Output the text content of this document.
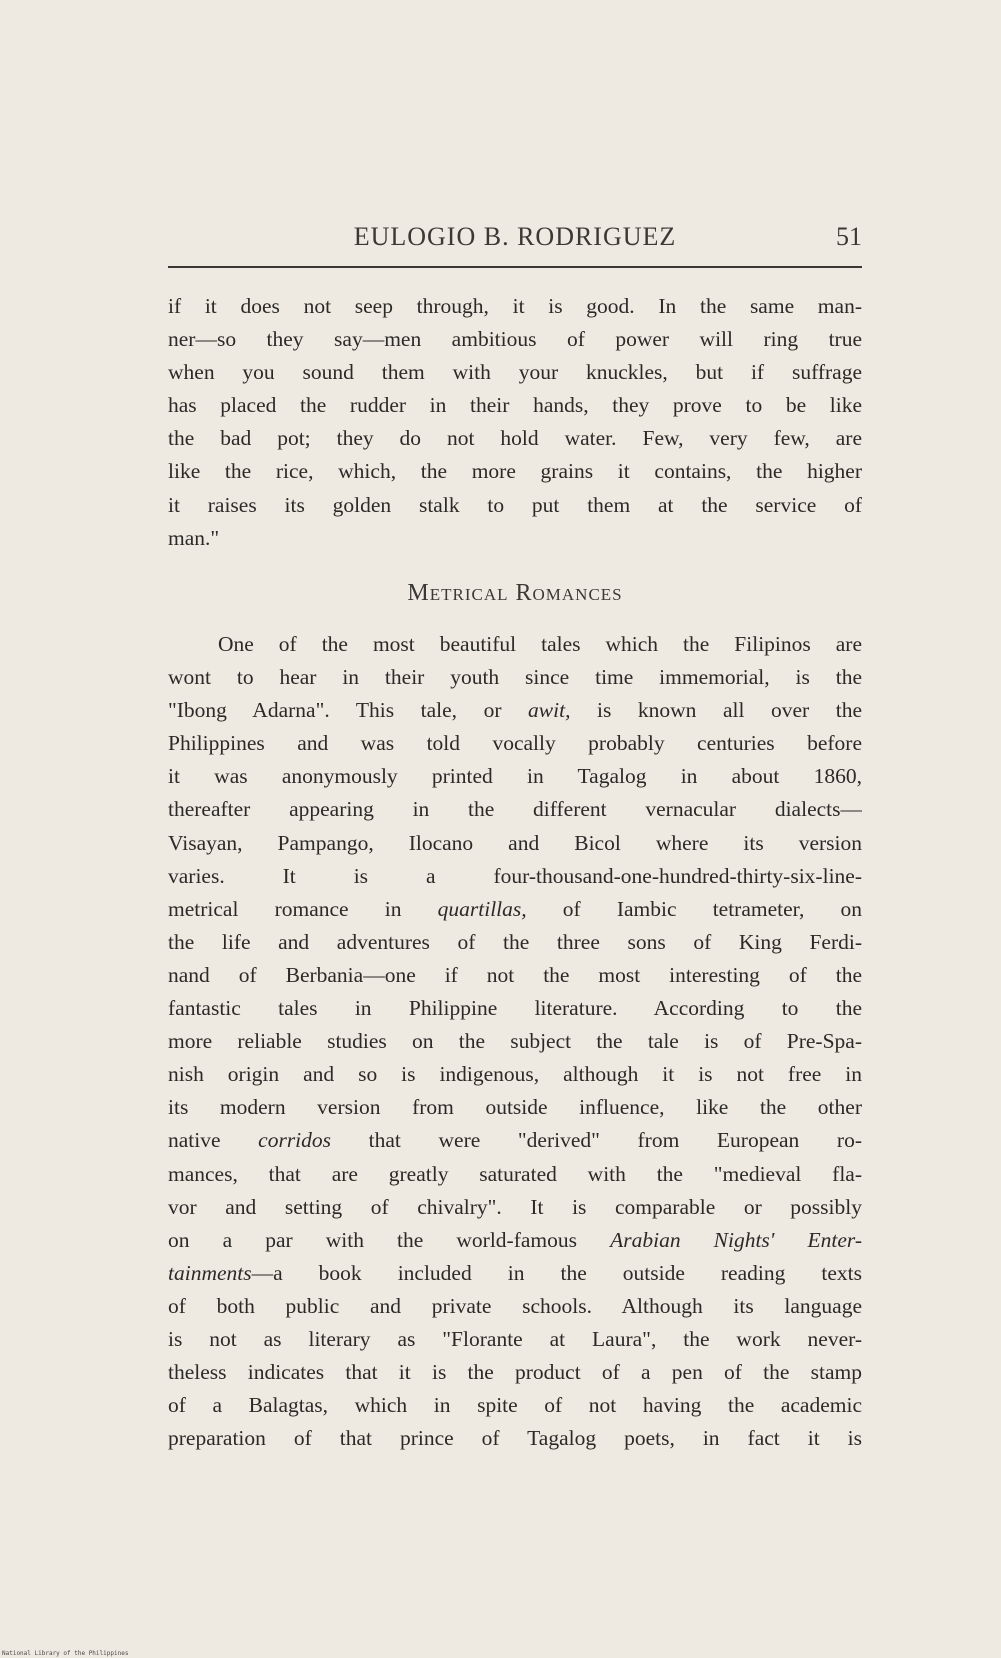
EULOGIO B. RODRIGUEZ	51
if it does not seep through, it is good. In the same man-
ner—so they say—men ambitious of power will ring true
when you sound them with your knuckles, but if suffrage
has placed the rudder in their hands, they prove to be like
the bad pot; they do not hold water. Few, very few, are
like the rice, which, the more grains it contains, the higher
it raises its golden stalk to put them at the service of
man."
Metrical Romances
One of the most beautiful tales which the Filipinos are
wont to hear in their youth since time immemorial, is the
"Ibong Adarna". This tale, or awit, is known all over the
Philippines and was told vocally probably centuries before
it was anonymously printed in Tagalog in about 1860,
thereafter appearing in the different vernacular dialects—
Visayan, Pampango, Ilocano and Bicol where its version
varies. It is a four-thousand-one-hundred-thirty-six-line-
metrical romance in quartillas, of Iambic tetrameter, on
the life and adventures of the three sons of King Ferdi-
nand of Berbania—one if not the most interesting of the
fantastic tales in Philippine literature. According to the
more reliable studies on the subject the tale is of Pre-Spa-
nish origin and so is indigenous, although it is not free in
its modern version from outside influence, like the other
native corridos that were "derived" from European ro-
mances, that are greatly saturated with the "medieval fla-
vor and setting of chivalry". It is comparable or possibly
on a par with the world-famous Arabian Nights' Enter-
tainments—a book included in the outside reading texts
of both public and private schools. Although its language
is not as literary as "Florante at Laura", the work never-
theless indicates that it is the product of a pen of the stamp
of a Balagtas, which in spite of not having the academic
preparation of that prince of Tagalog poets, in fact it is
National Library of the Philippines
